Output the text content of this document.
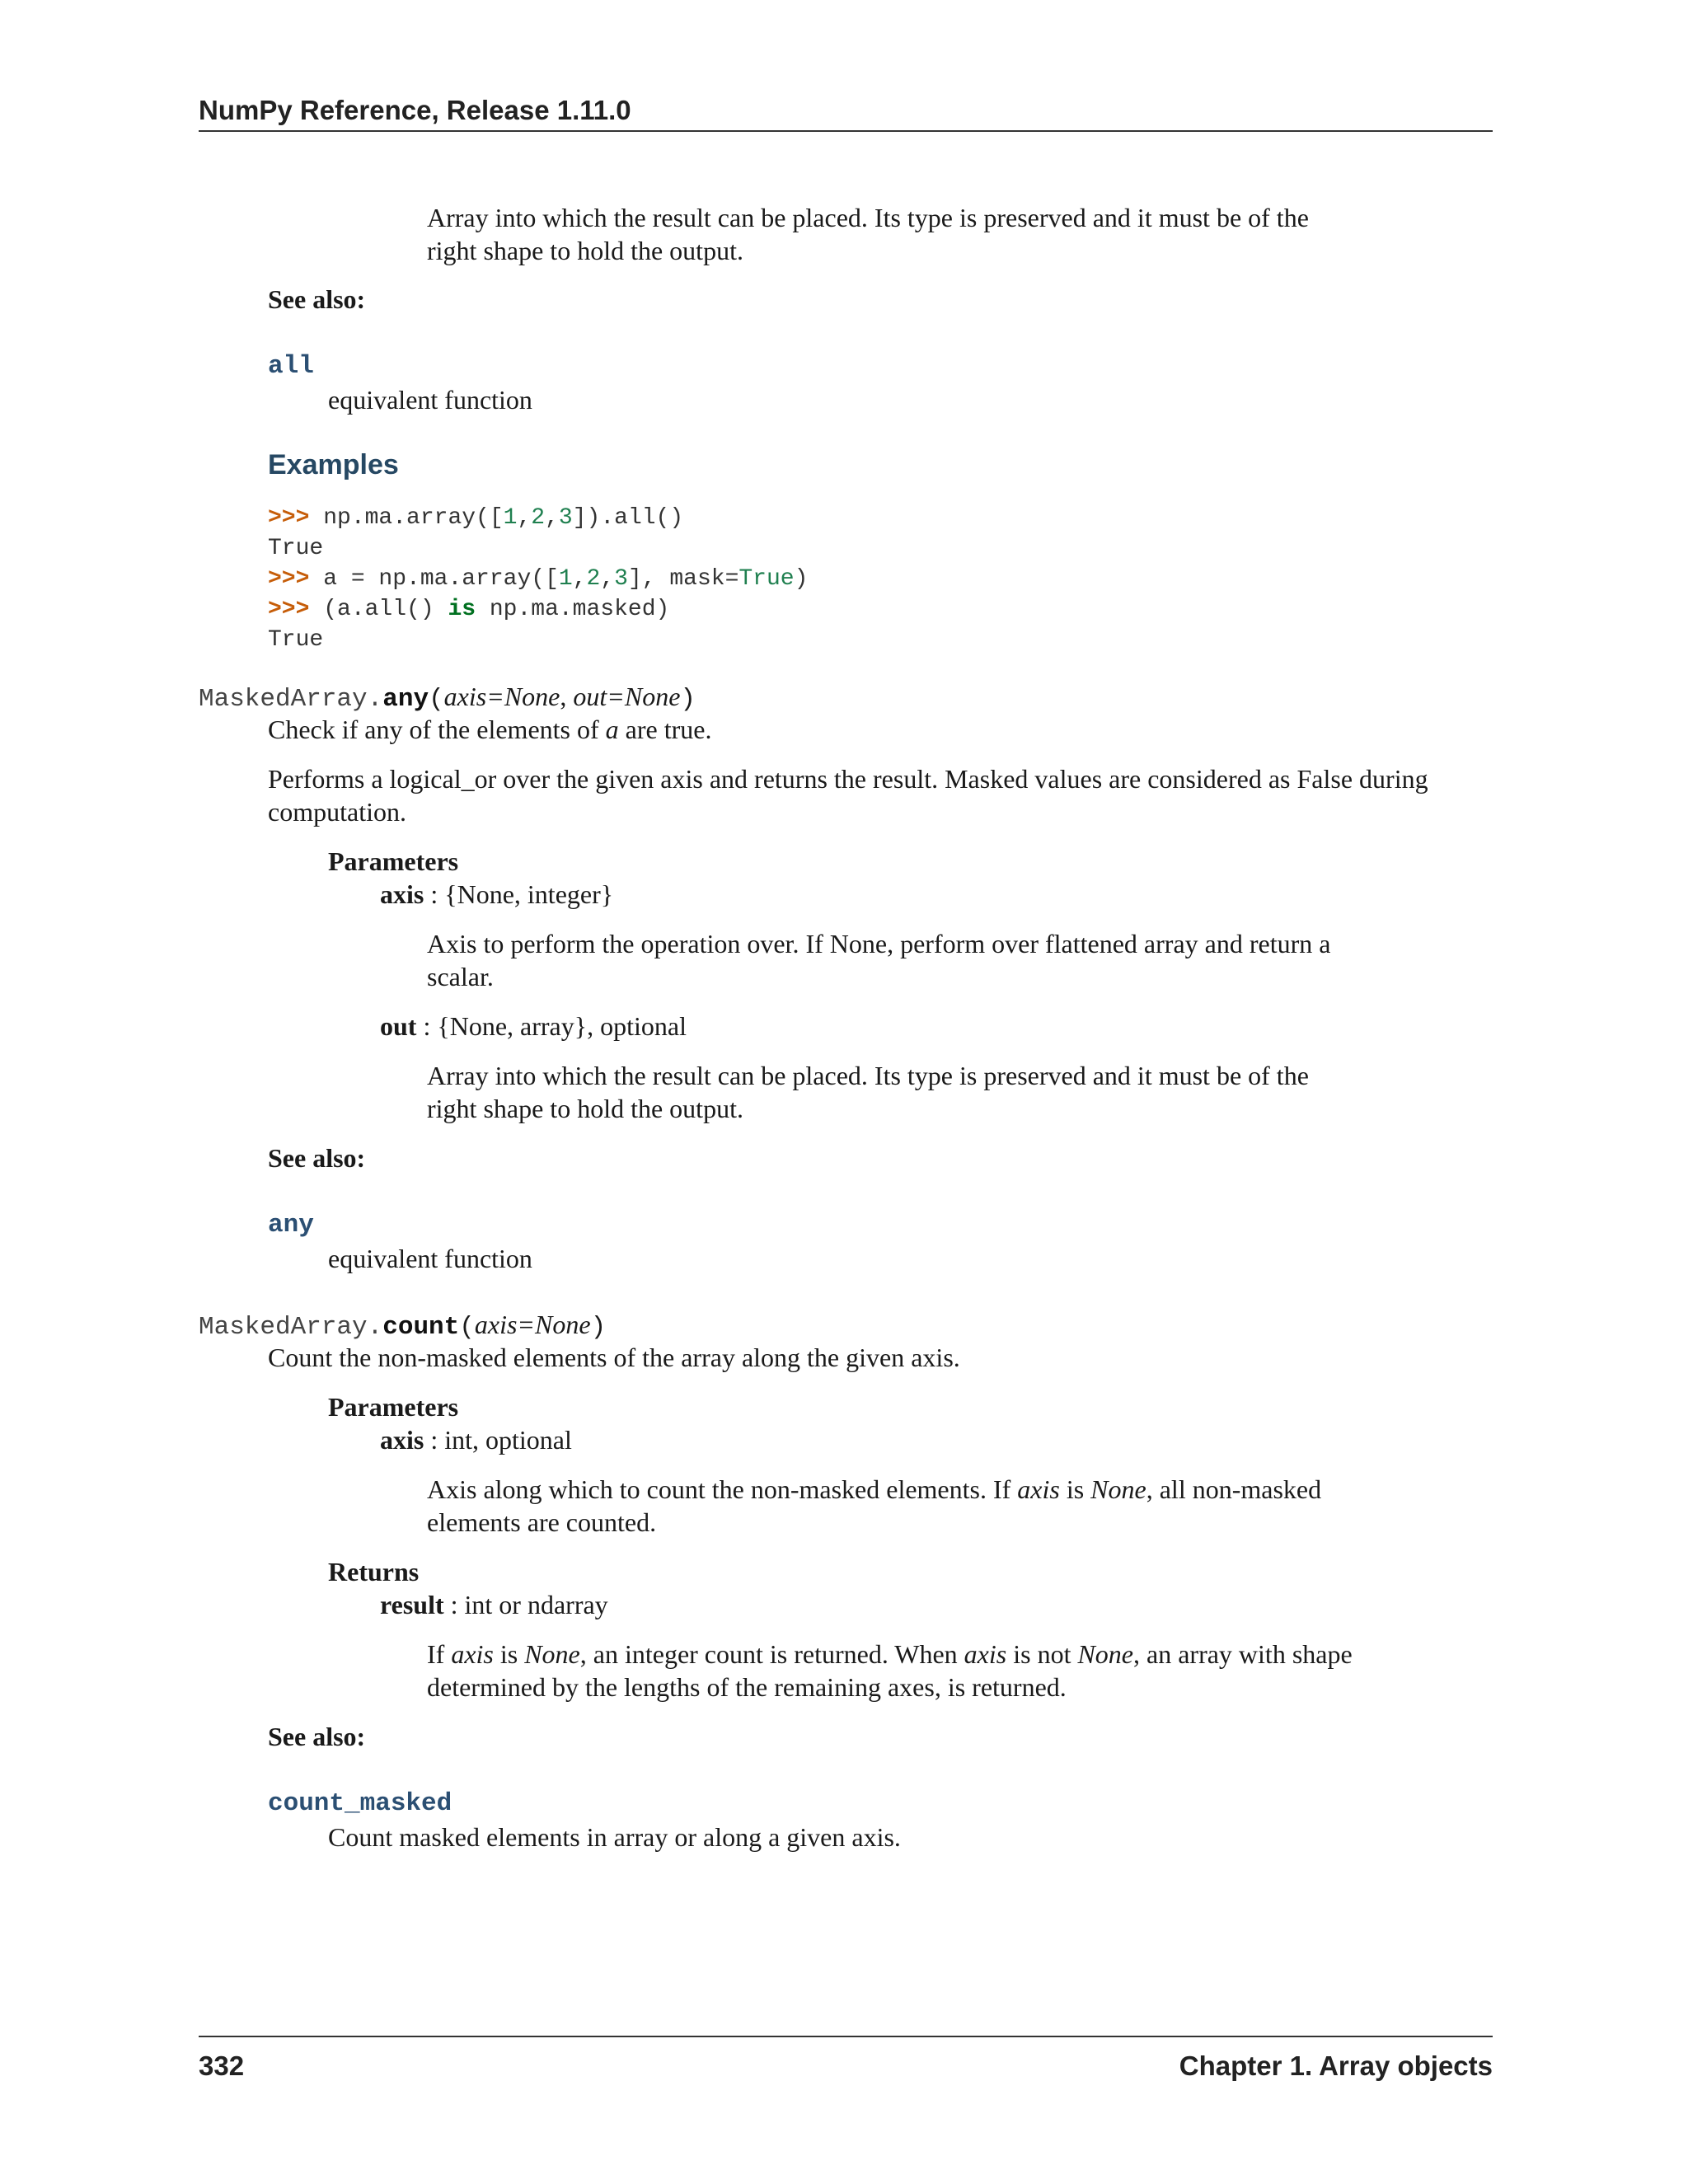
NumPy Reference, Release 1.11.0
Array into which the result can be placed. Its type is preserved and it must be of the
right shape to hold the output.
See also:
all
equivalent function
Examples
>>> np.ma.array([1,2,3]).all()
True
>>> a = np.ma.array([1,2,3], mask=True)
>>> (a.all() is np.ma.masked)
True
MaskedArray.any(axis=None, out=None)
Check if any of the elements of a are true.
Performs a logical_or over the given axis and returns the result. Masked values are considered as False during
computation.
Parameters
axis : {None, integer}
Axis to perform the operation over. If None, perform over flattened array and return a
scalar.
out : {None, array}, optional
Array into which the result can be placed. Its type is preserved and it must be of the
right shape to hold the output.
See also:
any
equivalent function
MaskedArray.count(axis=None)
Count the non-masked elements of the array along the given axis.
Parameters
axis : int, optional
Axis along which to count the non-masked elements. If axis is None, all non-masked
elements are counted.
Returns
result : int or ndarray
If axis is None, an integer count is returned. When axis is not None, an array with shape
determined by the lengths of the remaining axes, is returned.
See also:
count_masked
Count masked elements in array or along a given axis.
332	Chapter 1. Array objects
